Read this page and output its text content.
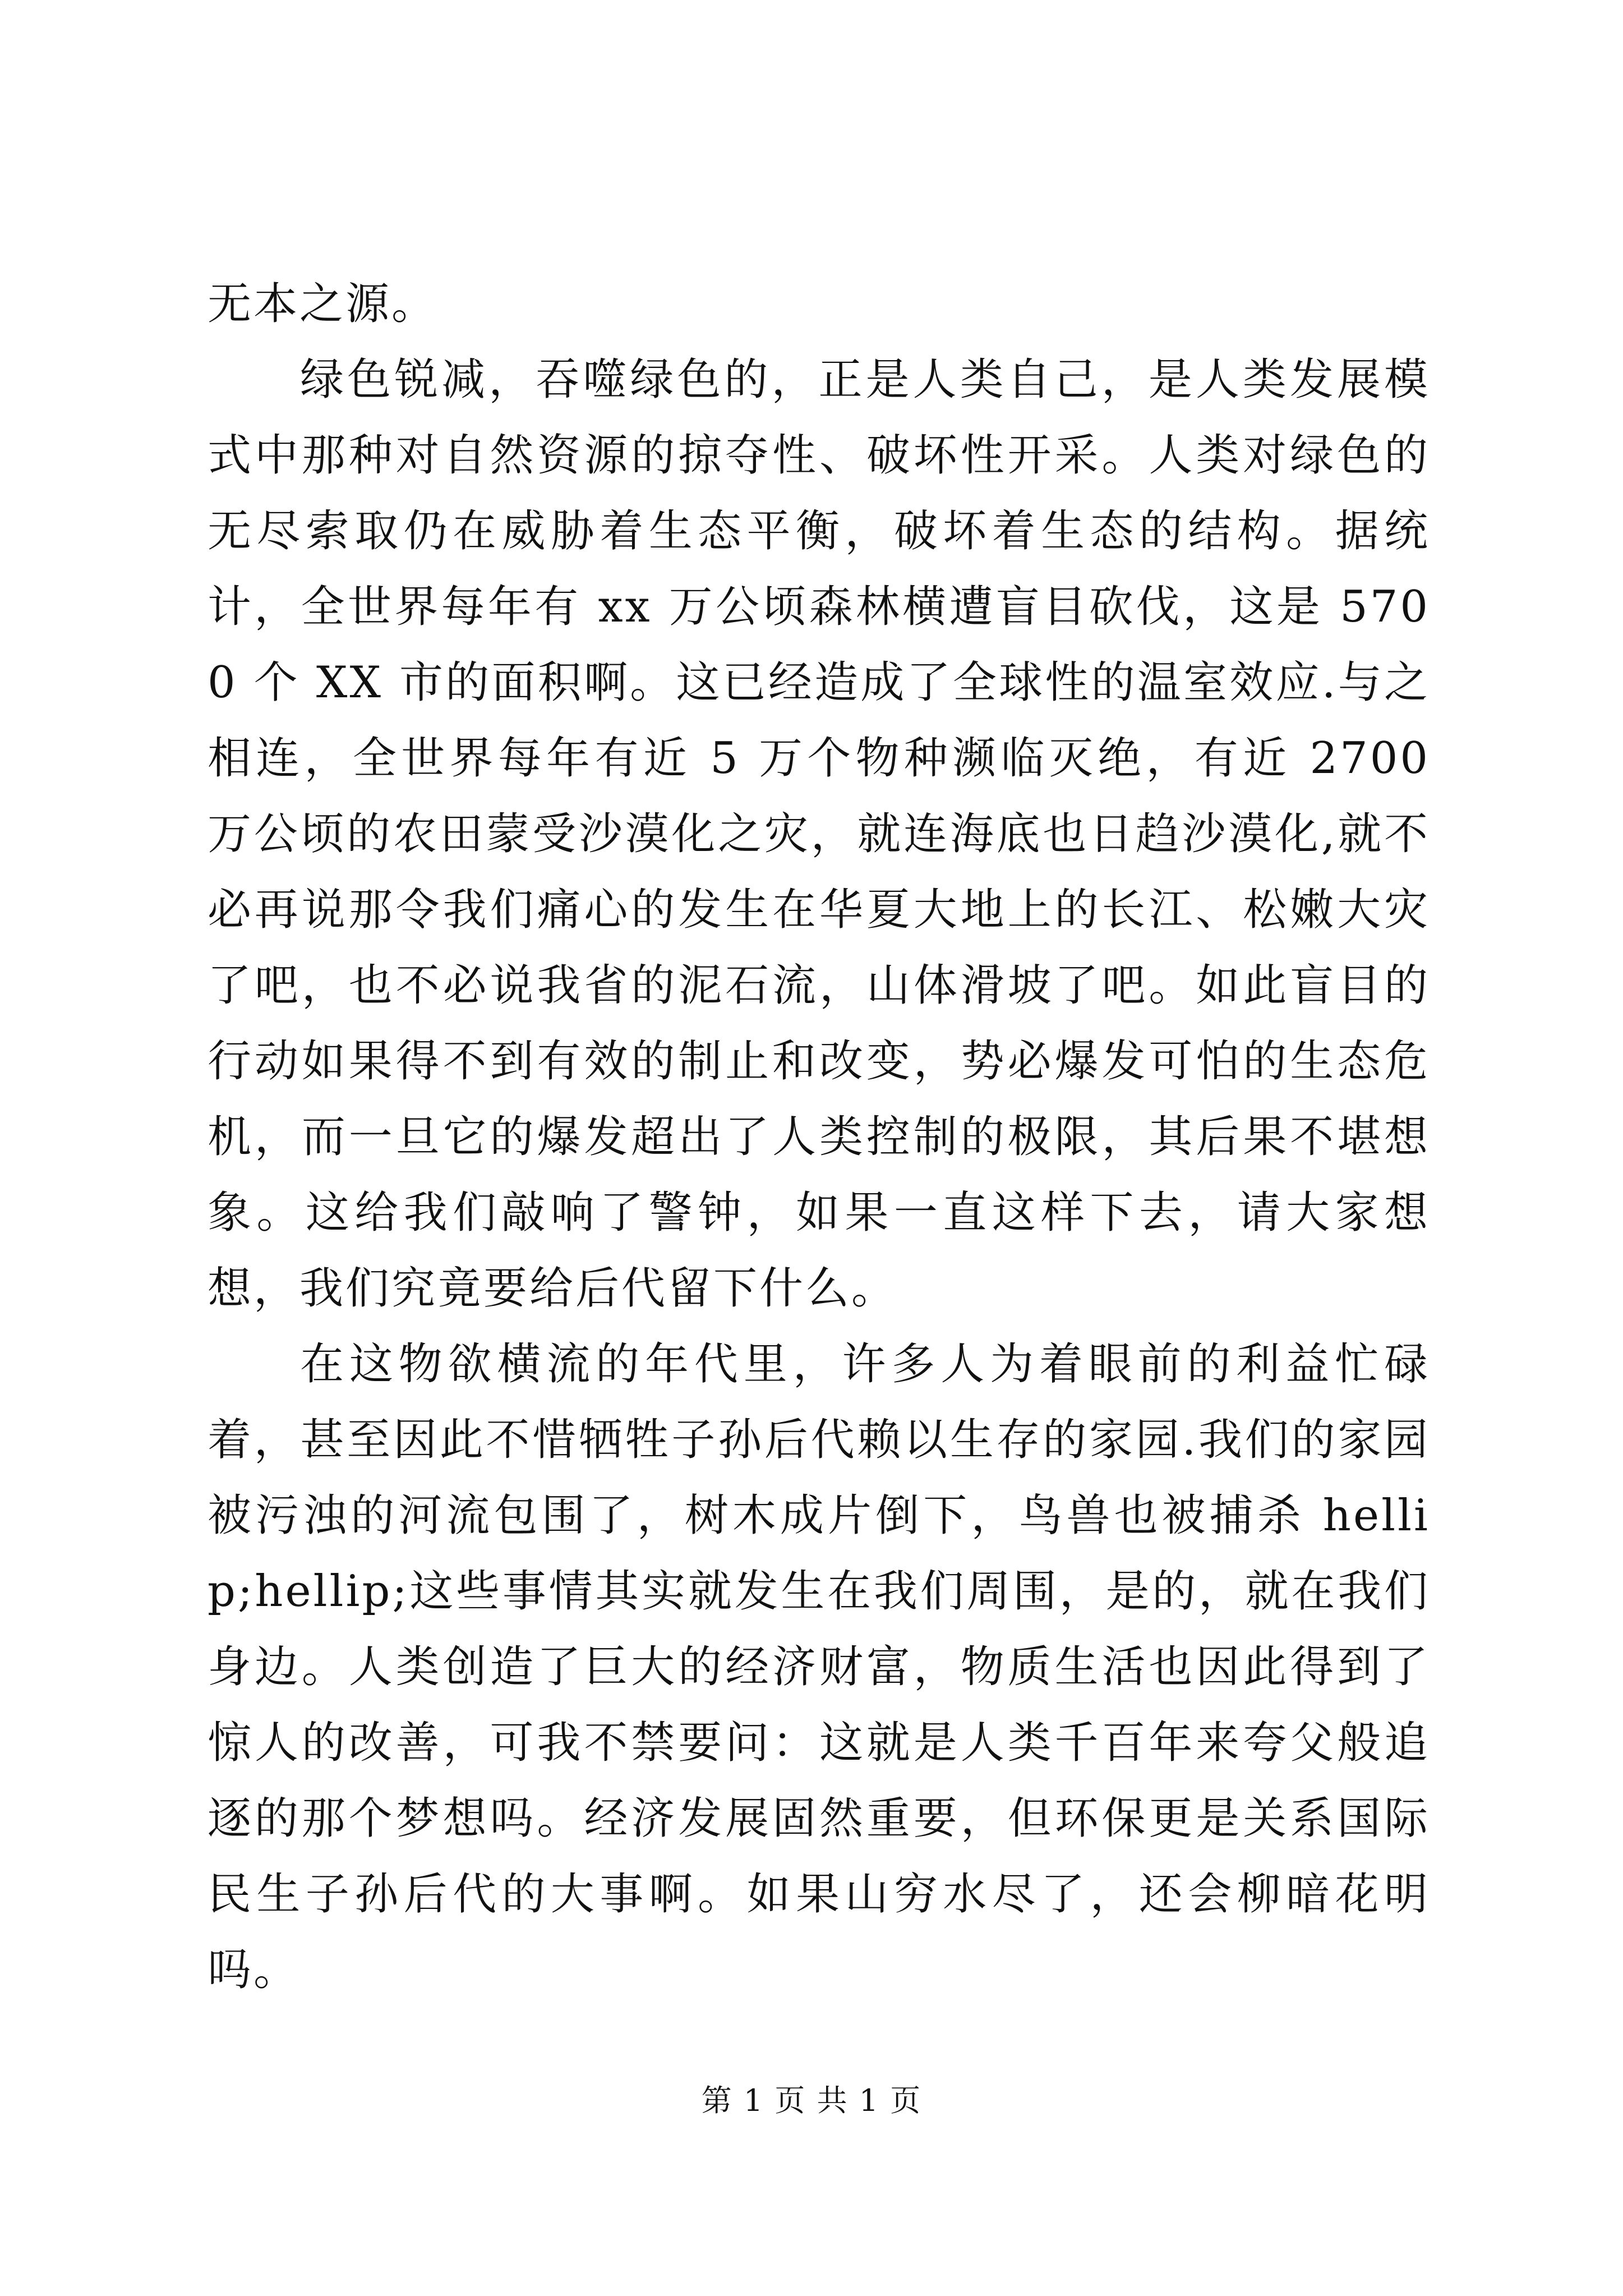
无本之源。

绿色锐减，吞噬绿色的，正是人类自己，是人类发展模式中那种对自然资源的掠夺性、破坏性开采。人类对绿色的无尽索取仍在威胁着生态平衡，破坏着生态的结构。据统计，全世界每年有 xx 万公顷森林横遭盲目砍伐，这是 5700 个 XX 市的面积啊。这已经造成了全球性的温室效应.与之相连，全世界每年有近 5 万个物种濒临灭绝，有近 2700 万公顷的农田蒙受沙漠化之灾，就连海底也日趋沙漠化,就不必再说那令我们痛心的发生在华夏大地上的长江、松嫩大灾了吧，也不必说我省的泥石流，山体滑坡了吧。如此盲目的行动如果得不到有效的制止和改变，势必爆发可怕的生态危机，而一旦它的爆发超出了人类控制的极限，其后果不堪想象。这给我们敲响了警钟，如果一直这样下去，请大家想想，我们究竟要给后代留下什么。

在这物欲横流的年代里，许多人为着眼前的利益忙碌着，甚至因此不惜牺牲子孙后代赖以生存的家园.我们的家园被污浊的河流包围了，树木成片倒下，鸟兽也被捕杀 hellip;hellip;这些事情其实就发生在我们周围，是的，就在我们身边。人类创造了巨大的经济财富，物质生活也因此得到了惊人的改善，可我不禁要问：这就是人类千百年来夸父般追逐的那个梦想吗。经济发展固然重要，但环保更是关系国际民生子孙后代的大事啊。如果山穷水尽了，还会柳暗花明吗。

第 1 页 共 1 页
